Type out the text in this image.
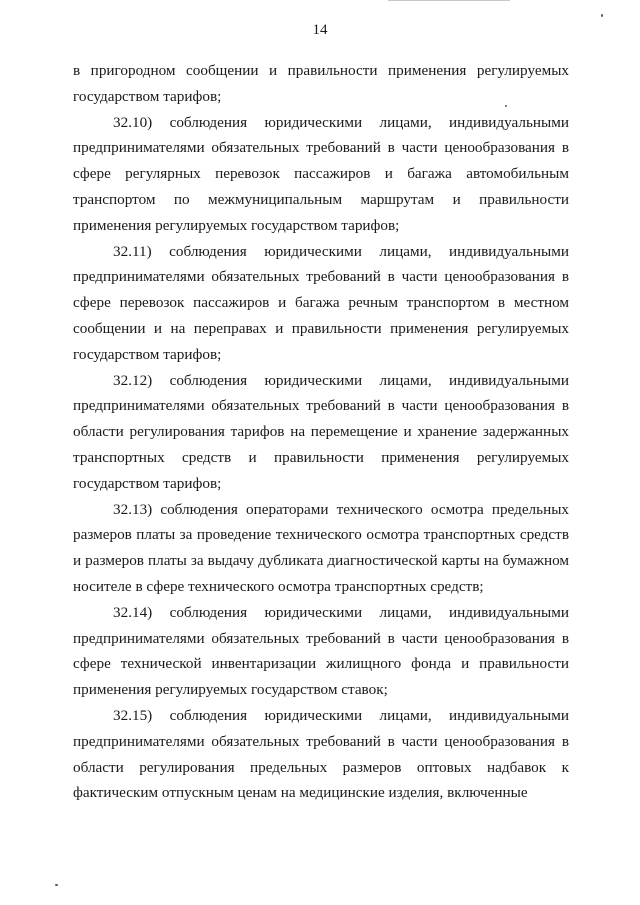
14

в пригородном сообщении и правильности применения регулируемых государством тарифов;

32.10) соблюдения юридическими лицами, индивидуальными предпринимателями обязательных требований в части ценообразования в сфере регулярных перевозок пассажиров и багажа автомобильным транспортом по межмуниципальным маршрутам и правильности применения регулируемых государством тарифов;

32.11) соблюдения юридическими лицами, индивидуальными предпринимателями обязательных требований в части ценообразования в сфере перевозок пассажиров и багажа речным транспортом в местном сообщении и на переправах и правильности применения регулируемых государством тарифов;

32.12) соблюдения юридическими лицами, индивидуальными предпринимателями обязательных требований в части ценообразования в области регулирования тарифов на перемещение и хранение задержанных транспортных средств и правильности применения регулируемых государством тарифов;

32.13) соблюдения операторами технического осмотра предельных размеров платы за проведение технического осмотра транспортных средств и размеров платы за выдачу дубликата диагностической карты на бумажном носителе в сфере технического осмотра транспортных средств;

32.14) соблюдения юридическими лицами, индивидуальными предпринимателями обязательных требований в части ценообразования в сфере технической инвентаризации жилищного фонда и правильности применения регулируемых государством ставок;

32.15) соблюдения юридическими лицами, индивидуальными предпринимателями обязательных требований в части ценообразования в области регулирования предельных размеров оптовых надбавок к фактическим отпускным ценам на медицинские изделия, включенные
